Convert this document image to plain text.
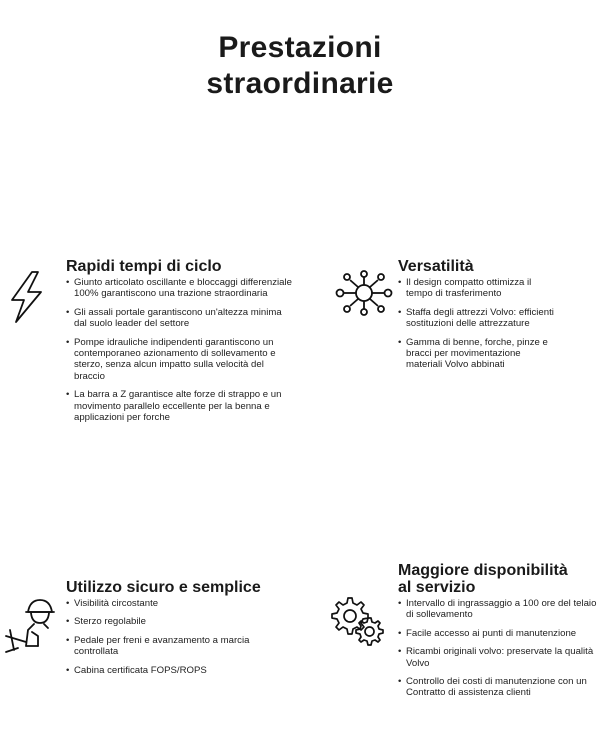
Prestazioni
straordinarie
Rapidi tempi di ciclo
• Giunto articolato oscillante e bloccaggi differenziale 100% garantiscono una trazione straordinaria
• Gli assali portale garantiscono un'altezza minima dal suolo leader del settore
• Pompe idrauliche indipendenti garantiscono un contemporaneo azionamento di sollevamento e sterzo, senza alcun impatto sulla velocità del braccio
• La barra a Z garantisce alte forze di strappo e un movimento parallelo eccellente per la benna e applicazioni per forche
Versatilità
• Il design compatto ottimizza il tempo di trasferimento
• Staffa degli attrezzi Volvo: efficienti sostituzioni delle attrezzature
• Gamma di benne, forche, pinze e bracci per movimentazione materiali Volvo abbinati
Utilizzo sicuro e semplice
• Visibilità circostante
• Sterzo regolabile
• Pedale per freni e avanzamento a marcia controllata
• Cabina certificata FOPS/ROPS
Maggiore disponibilità
al servizio
• Intervallo di ingrassaggio a 100 ore del telaio di sollevamento
• Facile accesso ai punti di manutenzione
• Ricambi originali volvo: preservate la qualità Volvo
• Controllo dei costi di manutenzione con un Contratto di assistenza clienti
